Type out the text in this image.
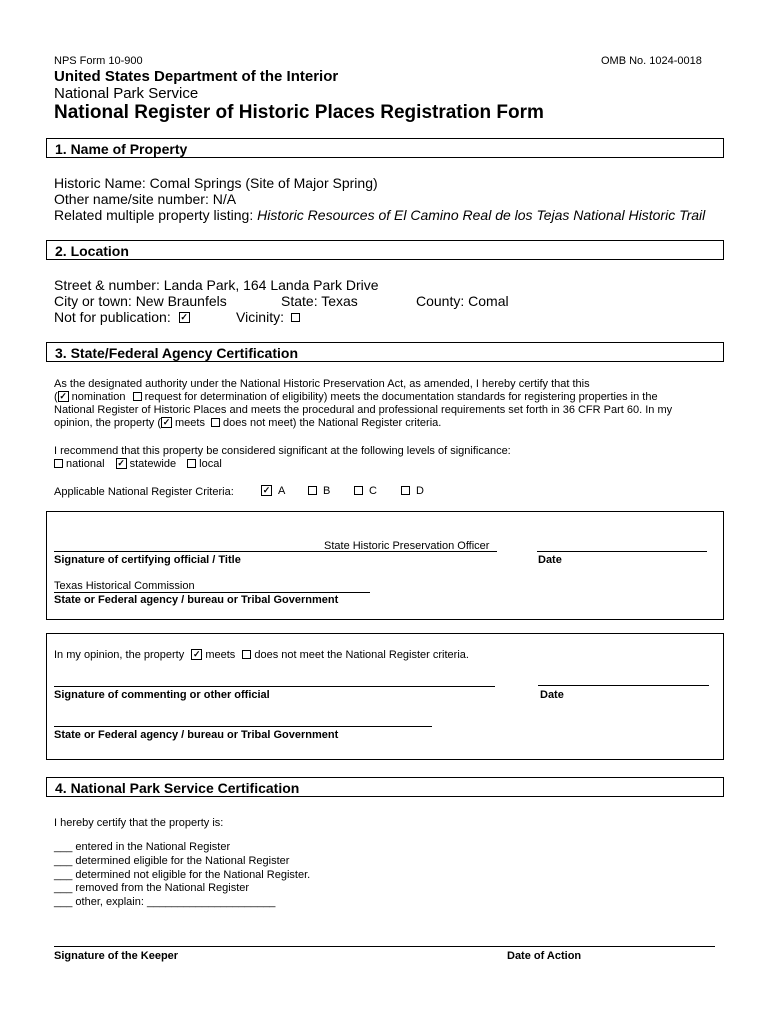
NPS Form 10-900	OMB No. 1024-0018
United States Department of the Interior
National Park Service
National Register of Historic Places Registration Form
1. Name of Property
Historic Name: Comal Springs (Site of Major Spring)
Other name/site number: N/A
Related multiple property listing: Historic Resources of El Camino Real de los Tejas National Historic Trail
2. Location
Street & number: Landa Park, 164 Landa Park Drive
City or town: New Braunfels	State: Texas	County: Comal
Not for publication: ✓	Vicinity:
3. State/Federal Agency Certification
As the designated authority under the National Historic Preservation Act, as amended, I hereby certify that this
( ✓ nomination request for determination of eligibility) meets the documentation standards for registering properties in the
National Register of Historic Places and meets the procedural and professional requirements set forth in 36 CFR Part 60. In my
opinion, the property ( ✓ meets does not meet) the National Register criteria.
I recommend that this property be considered significant at the following levels of significance:
national ✓ statewide local
Applicable National Register Criteria:	✓ A	B	C	D
State Historic Preservation Officer
Signature of certifying official / Title	Date
Texas Historical Commission
State or Federal agency / bureau or Tribal Government
In my opinion, the property ✓ meets does not meet the National Register criteria.
Signature of commenting or other official	Date
State or Federal agency / bureau or Tribal Government
4. National Park Service Certification
I hereby certify that the property is:
___ entered in the National Register
___ determined eligible for the National Register
___ determined not eligible for the National Register.
___ removed from the National Register
___ other, explain: _____________________
Signature of the Keeper	Date of Action
